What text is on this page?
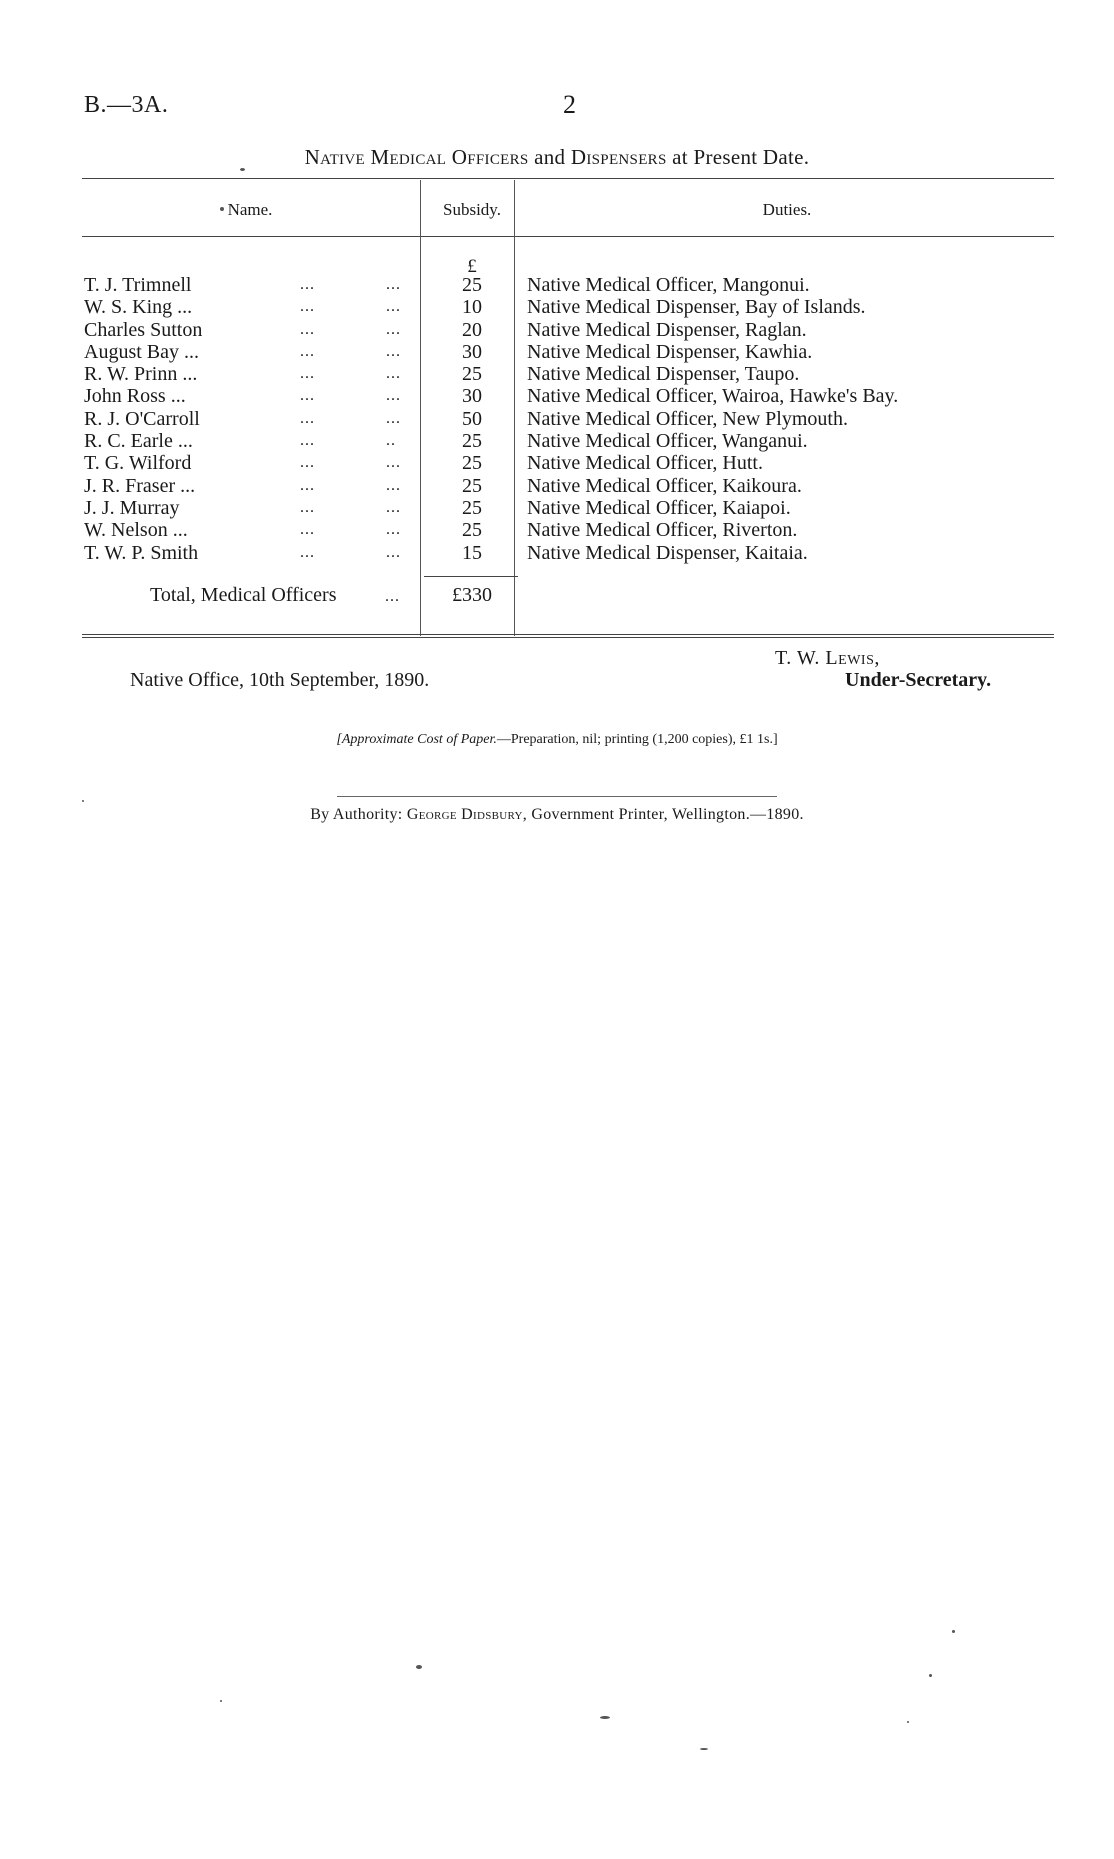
B.—3A.	2
Native Medical Officers and Dispensers at Present Date.
Name.	Subsidy.	Duties.
£
T. J. Trimnell	...	...	25	Native Medical Officer, Mangonui.
W. S. King ...	...	...	10	Native Medical Dispenser, Bay of Islands.
Charles Sutton	...	...	20	Native Medical Dispenser, Raglan.
August Bay ...	...	...	30	Native Medical Dispenser, Kawhia.
R. W. Prinn ...	...	...	25	Native Medical Dispenser, Taupo.
John Ross ...	...	...	30	Native Medical Officer, Wairoa, Hawke's Bay.
R. J. O'Carroll	...	...	50	Native Medical Officer, New Plymouth.
R. C. Earle ...	...	..	25	Native Medical Officer, Wanganui.
T. G. Wilford	...	...	25	Native Medical Officer, Hutt.
J. R. Fraser ...	...	...	25	Native Medical Officer, Kaikoura.
J. J. Murray	...	...	25	Native Medical Officer, Kaiapoi.
W. Nelson ...	...	...	25	Native Medical Officer, Riverton.
T. W. P. Smith	...	...	15	Native Medical Dispenser, Kaitaia.
Total, Medical Officers	...	£330
Native Office, 10th September, 1890.
T. W. Lewis,
Under-Secretary.
[Approximate Cost of Paper.—Preparation, nil; printing (1,200 copies), £1 1s.]
By Authority: George Didsbury, Government Printer, Wellington.—1890.
